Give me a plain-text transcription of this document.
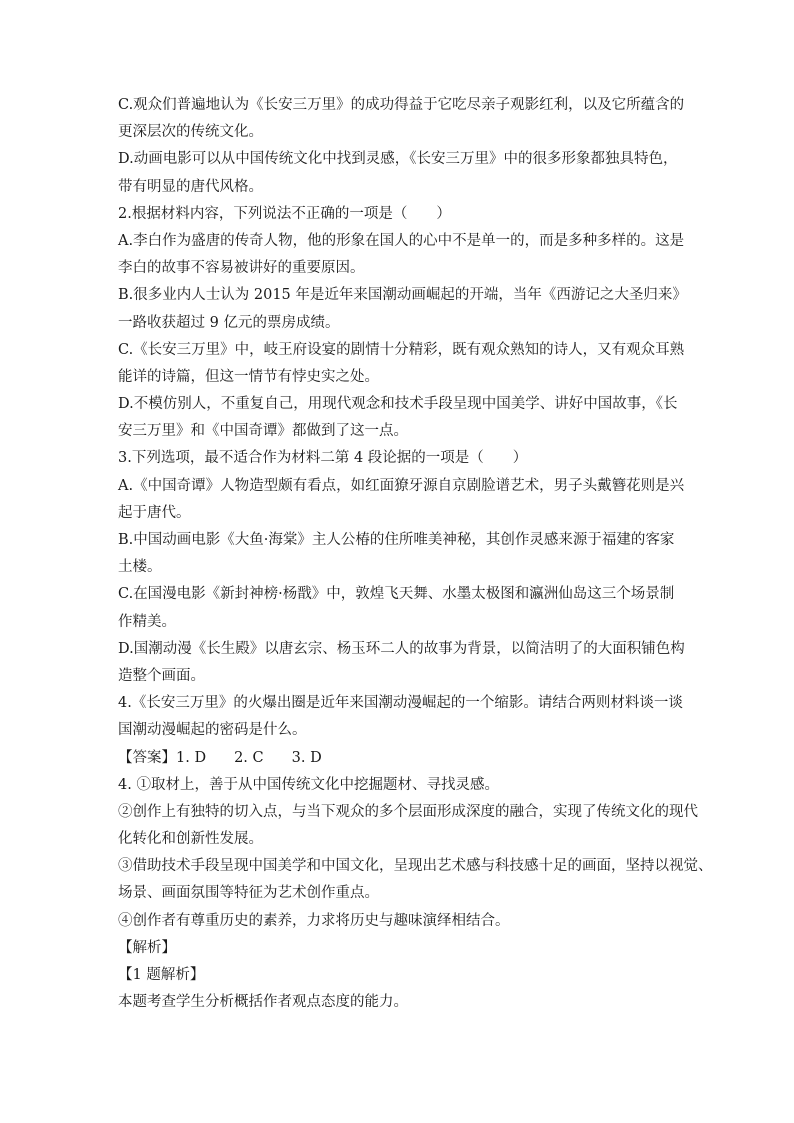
C.观众们普遍地认为《长安三万里》的成功得益于它吃尽亲子观影红利，以及它所蕴含的
更深层次的传统文化。
D.动画电影可以从中国传统文化中找到灵感，《长安三万里》中的很多形象都独具特色，
带有明显的唐代风格。
2.根据材料内容，下列说法不正确的一项是（　　）
A.李白作为盛唐的传奇人物，他的形象在国人的心中不是单一的，而是多种多样的。这是
李白的故事不容易被讲好的重要原因。
B.很多业内人士认为 2015 年是近年来国潮动画崛起的开端，当年《西游记之大圣归来》
一路收获超过 9 亿元的票房成绩。
C.《长安三万里》中，岐王府设宴的剧情十分精彩，既有观众熟知的诗人，又有观众耳熟
能详的诗篇，但这一情节有悖史实之处。
D.不模仿别人，不重复自己，用现代观念和技术手段呈现中国美学、讲好中国故事，《长
安三万里》和《中国奇谭》都做到了这一点。
3.下列选项，最不适合作为材料二第 4 段论据的一项是（　　）
A.《中国奇谭》人物造型颇有看点，如红面獠牙源自京剧脸谱艺术，男子头戴簪花则是兴
起于唐代。
B.中国动画电影《大鱼·海棠》主人公椿的住所唯美神秘，其创作灵感来源于福建的客家
土楼。
C.在国漫电影《新封神榜·杨戬》中，敦煌飞天舞、水墨太极图和瀛洲仙岛这三个场景制
作精美。
D.国潮动漫《长生殿》以唐玄宗、杨玉环二人的故事为背景，以简洁明了的大面积铺色构
造整个画面。
4.《长安三万里》的火爆出圈是近年来国潮动漫崛起的一个缩影。请结合两则材料谈一谈
国潮动漫崛起的密码是什么。
【答案】1. D 2. C 3. D
4. ①取材上，善于从中国传统文化中挖掘题材、寻找灵感。
②创作上有独特的切入点，与当下观众的多个层面形成深度的融合，实现了传统文化的现代
化转化和创新性发展。
③借助技术手段呈现中国美学和中国文化，呈现出艺术感与科技感十足的画面，坚持以视觉、
场景、画面氛围等特征为艺术创作重点。
④创作者有尊重历史的素养，力求将历史与趣味演绎相结合。
【解析】
【1 题解析】
本题考查学生分析概括作者观点态度的能力。
